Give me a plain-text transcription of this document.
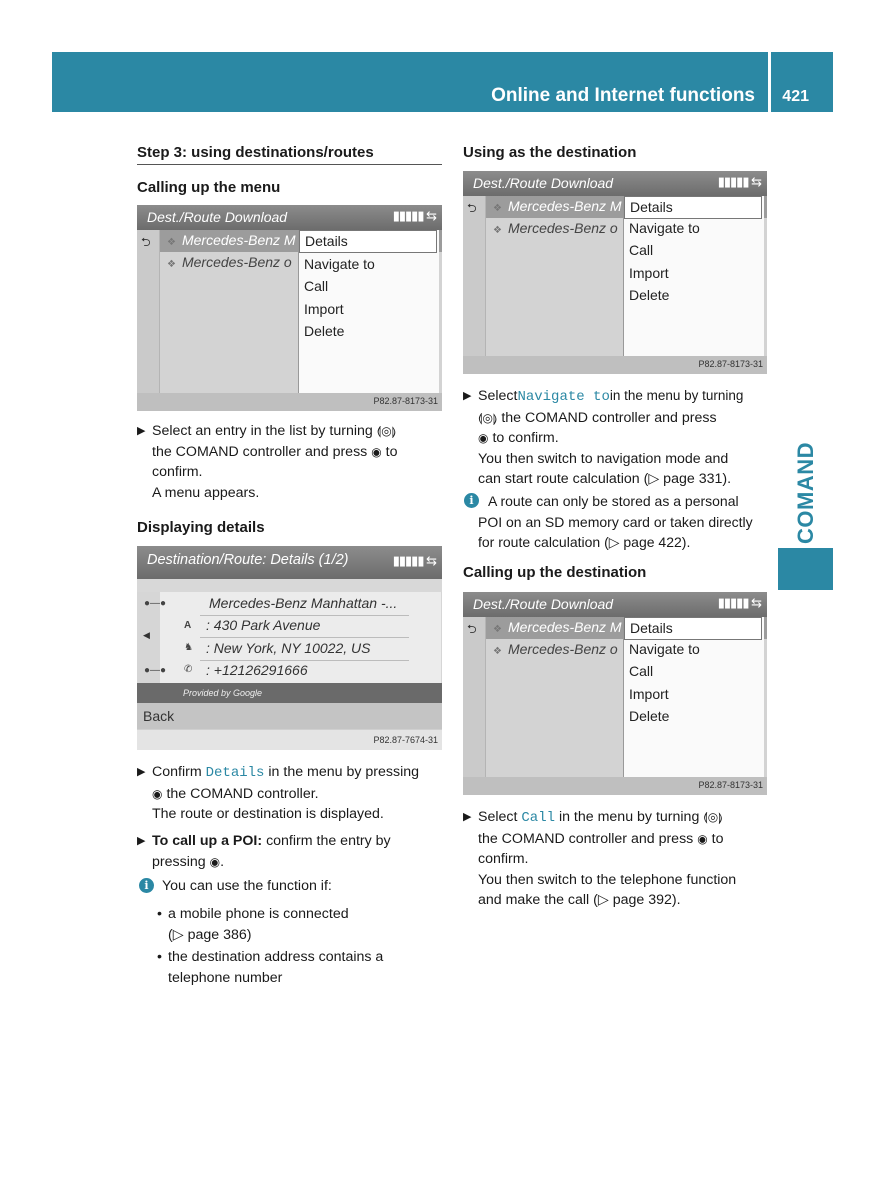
Online and Internet functions 421
COMAND
Step 3: using destinations/routes
Calling up the menu
Dest./Route Download	▮▮▮▮▮ ⇆
⮌ ❖ Mercedes-Benz M
❖ Mercedes-Benz o
Details
Navigate to
Call
Import
Delete
P82.87-8173-31
▶ Select an entry in the list by turning ⟬◎⟭
the COMAND controller and press ◉ to
confirm.
A menu appears.
Displaying details
Destination/Route: Details (1/2)	▮▮▮▮▮ ⇆
◀
●—●	Mercedes-Benz Manhattan -...
A : 430 Park Avenue
♞ : New York, NY 10022, US
●—● ✆ : +12126291666
Provided by Google
Back
P82.87-7674-31
▶ Confirm Details in the menu by pressing
◉ the COMAND controller.
The route or destination is displayed.
▶ To call up a POI: confirm the entry by
pressing ◉.
i You can use the function if:
• a mobile phone is connected
(▷ page 386)
• the destination address contains a
telephone number
Using as the destination
Dest./Route Download	▮▮▮▮▮ ⇆
⮌ ❖ Mercedes-Benz M
❖ Mercedes-Benz o
Details
Navigate to
Call
Import
Delete
P82.87-8173-31
▶ SelectNavigate toin the menu by turning
⟬◎⟭ the COMAND controller and press
◉ to confirm.
You then switch to navigation mode and
can start route calculation (▷ page 331).
i	A route can only be stored as a personal
POI on an SD memory card or taken directly
for route calculation (▷ page 422).
Calling up the destination
Dest./Route Download	▮▮▮▮▮ ⇆
⮌ ❖ Mercedes-Benz M
❖ Mercedes-Benz o
Details
Navigate to
Call
Import
Delete
P82.87-8173-31
▶ Select Call in the menu by turning ⟬◎⟭
the COMAND controller and press ◉ to
confirm.
You then switch to the telephone function
and make the call (▷ page 392).
